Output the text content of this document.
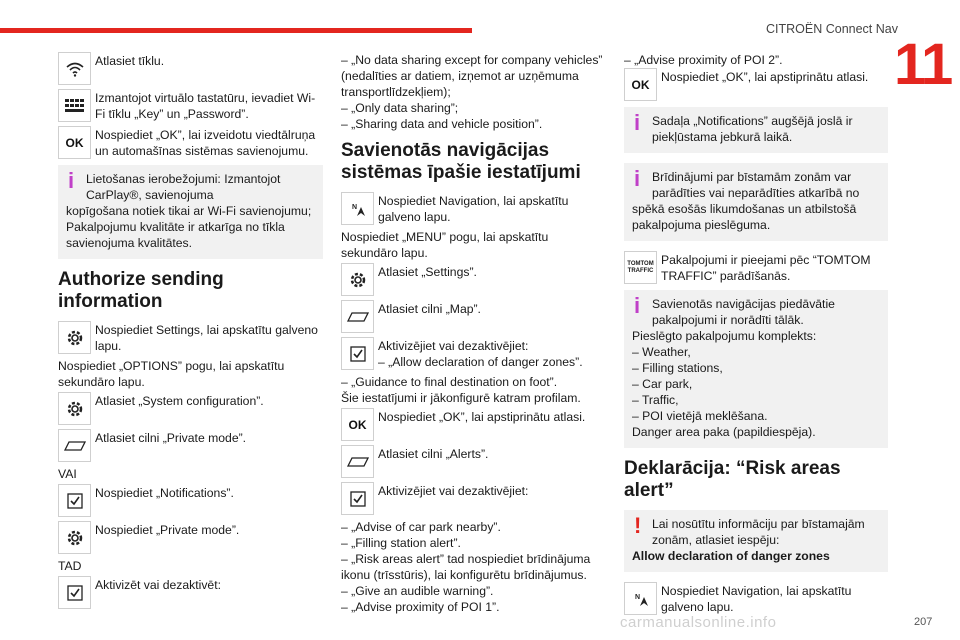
CITROËN Connect Nav
11
Atlasiet tīklu.
Izmantojot virtuālo tastatūru, ievadiet Wi-Fi tīklu „Key” un „Password”.
OK
Nospiediet „OK”, lai izveidotu viedtālruņa un automašīnas sistēmas savienojumu.
i Lietošanas ierobežojumi: Izmantojot CarPlay®, savienojuma
kopīgošana notiek tikai ar Wi-Fi savienojumu; Pakalpojumu kvalitāte ir atkarīga no tīkla savienojuma kvalitātes.
Authorize sending information
Nospiediet Settings, lai apskatītu galveno lapu.

Nospiediet „OPTIONS” pogu, lai apskatītu sekundāro lapu.

Atlasiet „System configuration”.
Atlasiet cilni „Private mode”.

VAI

Nospiediet „Notifications”.
Nospiediet „Private mode”.

TAD

Aktivizēt vai dezaktivēt:
– „No data sharing except for company vehicles” (nedalīties ar datiem, izņemot ar uzņēmuma transportlīdzekļiem);
– „Only data sharing”;
– „Sharing data and vehicle position”.
Savienotās navigācijas sistēmas īpašie iestatījumi
N Nospiediet Navigation, lai apskatītu galveno lapu.

Nospiediet „MENU” pogu, lai apskatītu sekundāro lapu.

Atlasiet „Settings”.
Atlasiet cilni „Map”.
Aktivizējiet vai dezaktivējiet:
– „Allow declaration of danger zones”.
– „Guidance to final destination on foot”.

Šie iestatījumi ir jākonfigurē katram profilam.

OK
Nospiediet „OK”, lai apstiprinātu atlasi.
Atlasiet cilni „Alerts”.
Aktivizējiet vai dezaktivējiet:
– „Advise of car park nearby”.
– „Filling station alert”.
– „Risk areas alert” tad nospiediet brīdinājuma ikonu (trīsstūris), lai konfigurētu brīdinājumus.
– „Give an audible warning”.
– „Advise proximity of POI 1”.
– „Advise proximity of POI 2”.
OK
Nospiediet „OK”, lai apstiprinātu atlasi.
i Sadaļa „Notifications” augšējā joslā ir piekļūstama jebkurā laikā.
i Brīdinājumi par bīstamām zonām var parādīties vai neparādīties atkarībā no
spēkā esošās likumdošanas un atbilstošā pakalpojuma pieslēguma.
TOMTOM TRAFFIC
Pakalpojumi ir pieejami pēc “TOMTOM TRAFFIC” parādīšanās.
i Savienotās navigācijas piedāvātie pakalpojumi ir norādīti tālāk.
Pieslēgto pakalpojumu komplekts:
– Weather,
– Filling stations,
– Car park,
– Traffic,
– POI vietējā meklēšana.
Danger area paka (papildiespēja).
Deklarācija: “Risk areas alert”
! Lai nosūtītu informāciju par bīstamajām zonām, atlasiet iespēju:
Allow declaration of danger zones
N Nospiediet Navigation, lai apskatītu galveno lapu.
carmanualsonline.info	207
